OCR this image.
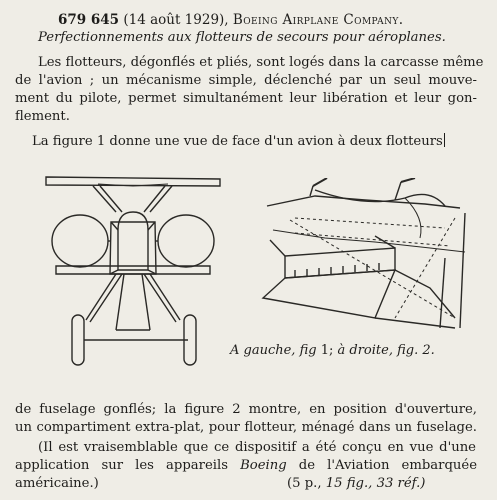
679 645 (14 août 1929), Boeing Airplane Company.
Perfectionnements aux flotteurs de secours pour aéroplanes.
Les flotteurs, dégonflés et pliés, sont logés dans la carcasse même
de l'avion ; un mécanisme simple, déclenché par un seul mouve-
ment du pilote, permet simultanément leur libération et leur gon-
flement.
La figure 1 donne une vue de face d'un avion à deux flotteurs
A gauche, fig 1; à droite, fig. 2.
de fuselage gonflés; la figure 2 montre, en position d'ouverture,
un compartiment extra-plat, pour flotteur, ménagé dans un fuselage.
(Il est vraisemblable que ce dispositif a été conçu en vue d'une
application sur les appareils Boeing de l'Aviation embarquée
américaine.)	(5 p., 15 fig., 33 réf.)
